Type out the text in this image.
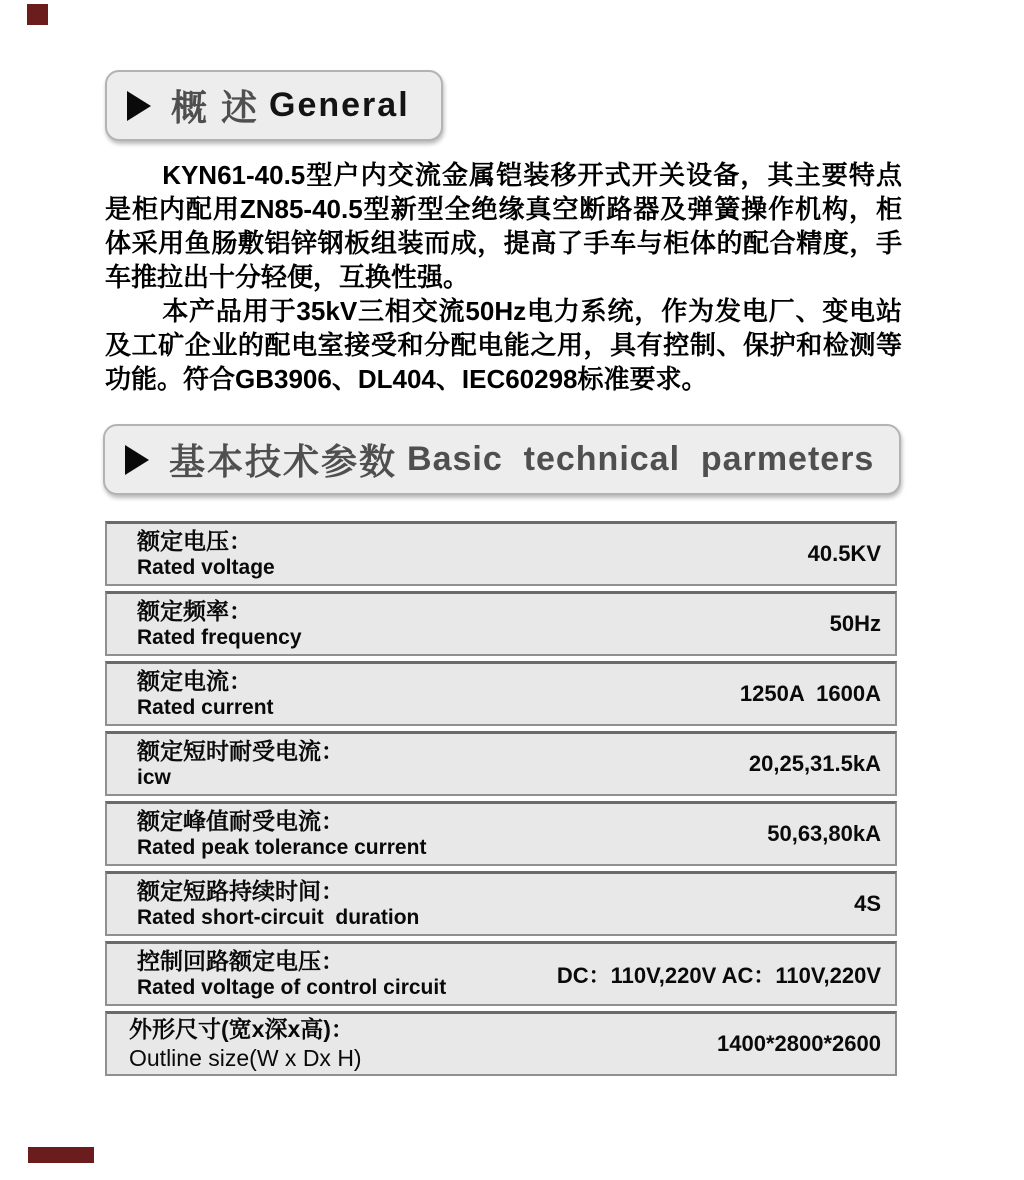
概 述 General

KYN61-40.5型户内交流金属铠装移开式开关设备，其主要特点是柜内配用ZN85-40.5型新型全绝缘真空断路器及弹簧操作机构，柜体采用鱼肠敷铝锌钢板组装而成，提高了手车与柜体的配合精度，手车推拉出十分轻便，互换性强。

本产品用于35kV三相交流50Hz电力系统，作为发电厂、变电站及工矿企业的配电室接受和分配电能之用，具有控制、保护和检测等功能。符合GB3906、DL404、IEC60298标准要求。

基本技术参数 Basic  technical  parmeters
额定电压：
Rated voltage
40.5KV
额定频率：
Rated frequency
50Hz
额定电流：
Rated current
1250A  1600A
额定短时耐受电流：
icw
20,25,31.5kA
额定峰值耐受电流：
Rated peak tolerance current
50,63,80kA
额定短路持续时间：
Rated short-circuit  duration
4S
控制回路额定电压：
Rated voltage of control circuit
DC：110V,220V AC：110V,220V
外形尺寸(宽x深x高)：
Outline size(W x Dx H)
1400*2800*2600
